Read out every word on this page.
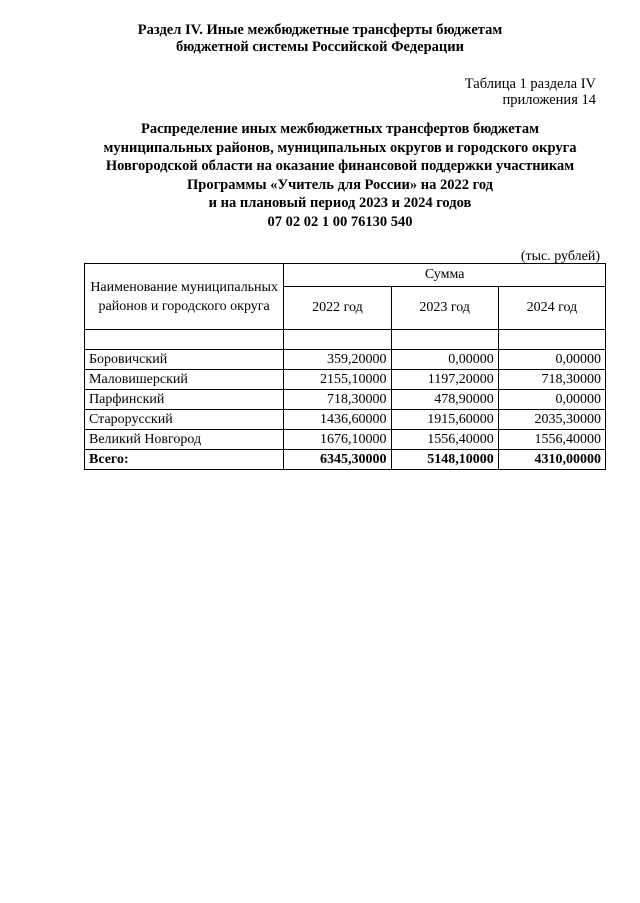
Раздел IV. Иные межбюджетные трансферты бюджетам
бюджетной системы Российской Федерации
Таблица 1 раздела IV
приложения 14
Распределение иных межбюджетных трансфертов бюджетам
муниципальных районов, муниципальных округов и городского округа
Новгородской области на оказание финансовой поддержки участникам
Программы «Учитель для России» на 2022 год
и на плановый период 2023 и 2024 годов
07 02 02 1 00 76130 540
(тыс. рублей)
Наименование муниципальных районов и городского округа	Сумма		
	2022 год	2023 год	2024 год

Боровичский	359,20000	0,00000	0,00000
Маловишерский	2155,10000	1197,20000	718,30000
Парфинский	718,30000	478,90000	0,00000
Старорусский	1436,60000	1915,60000	2035,30000
Великий Новгород	1676,10000	1556,40000	1556,40000
Всего:	6345,30000	5148,10000	4310,00000
